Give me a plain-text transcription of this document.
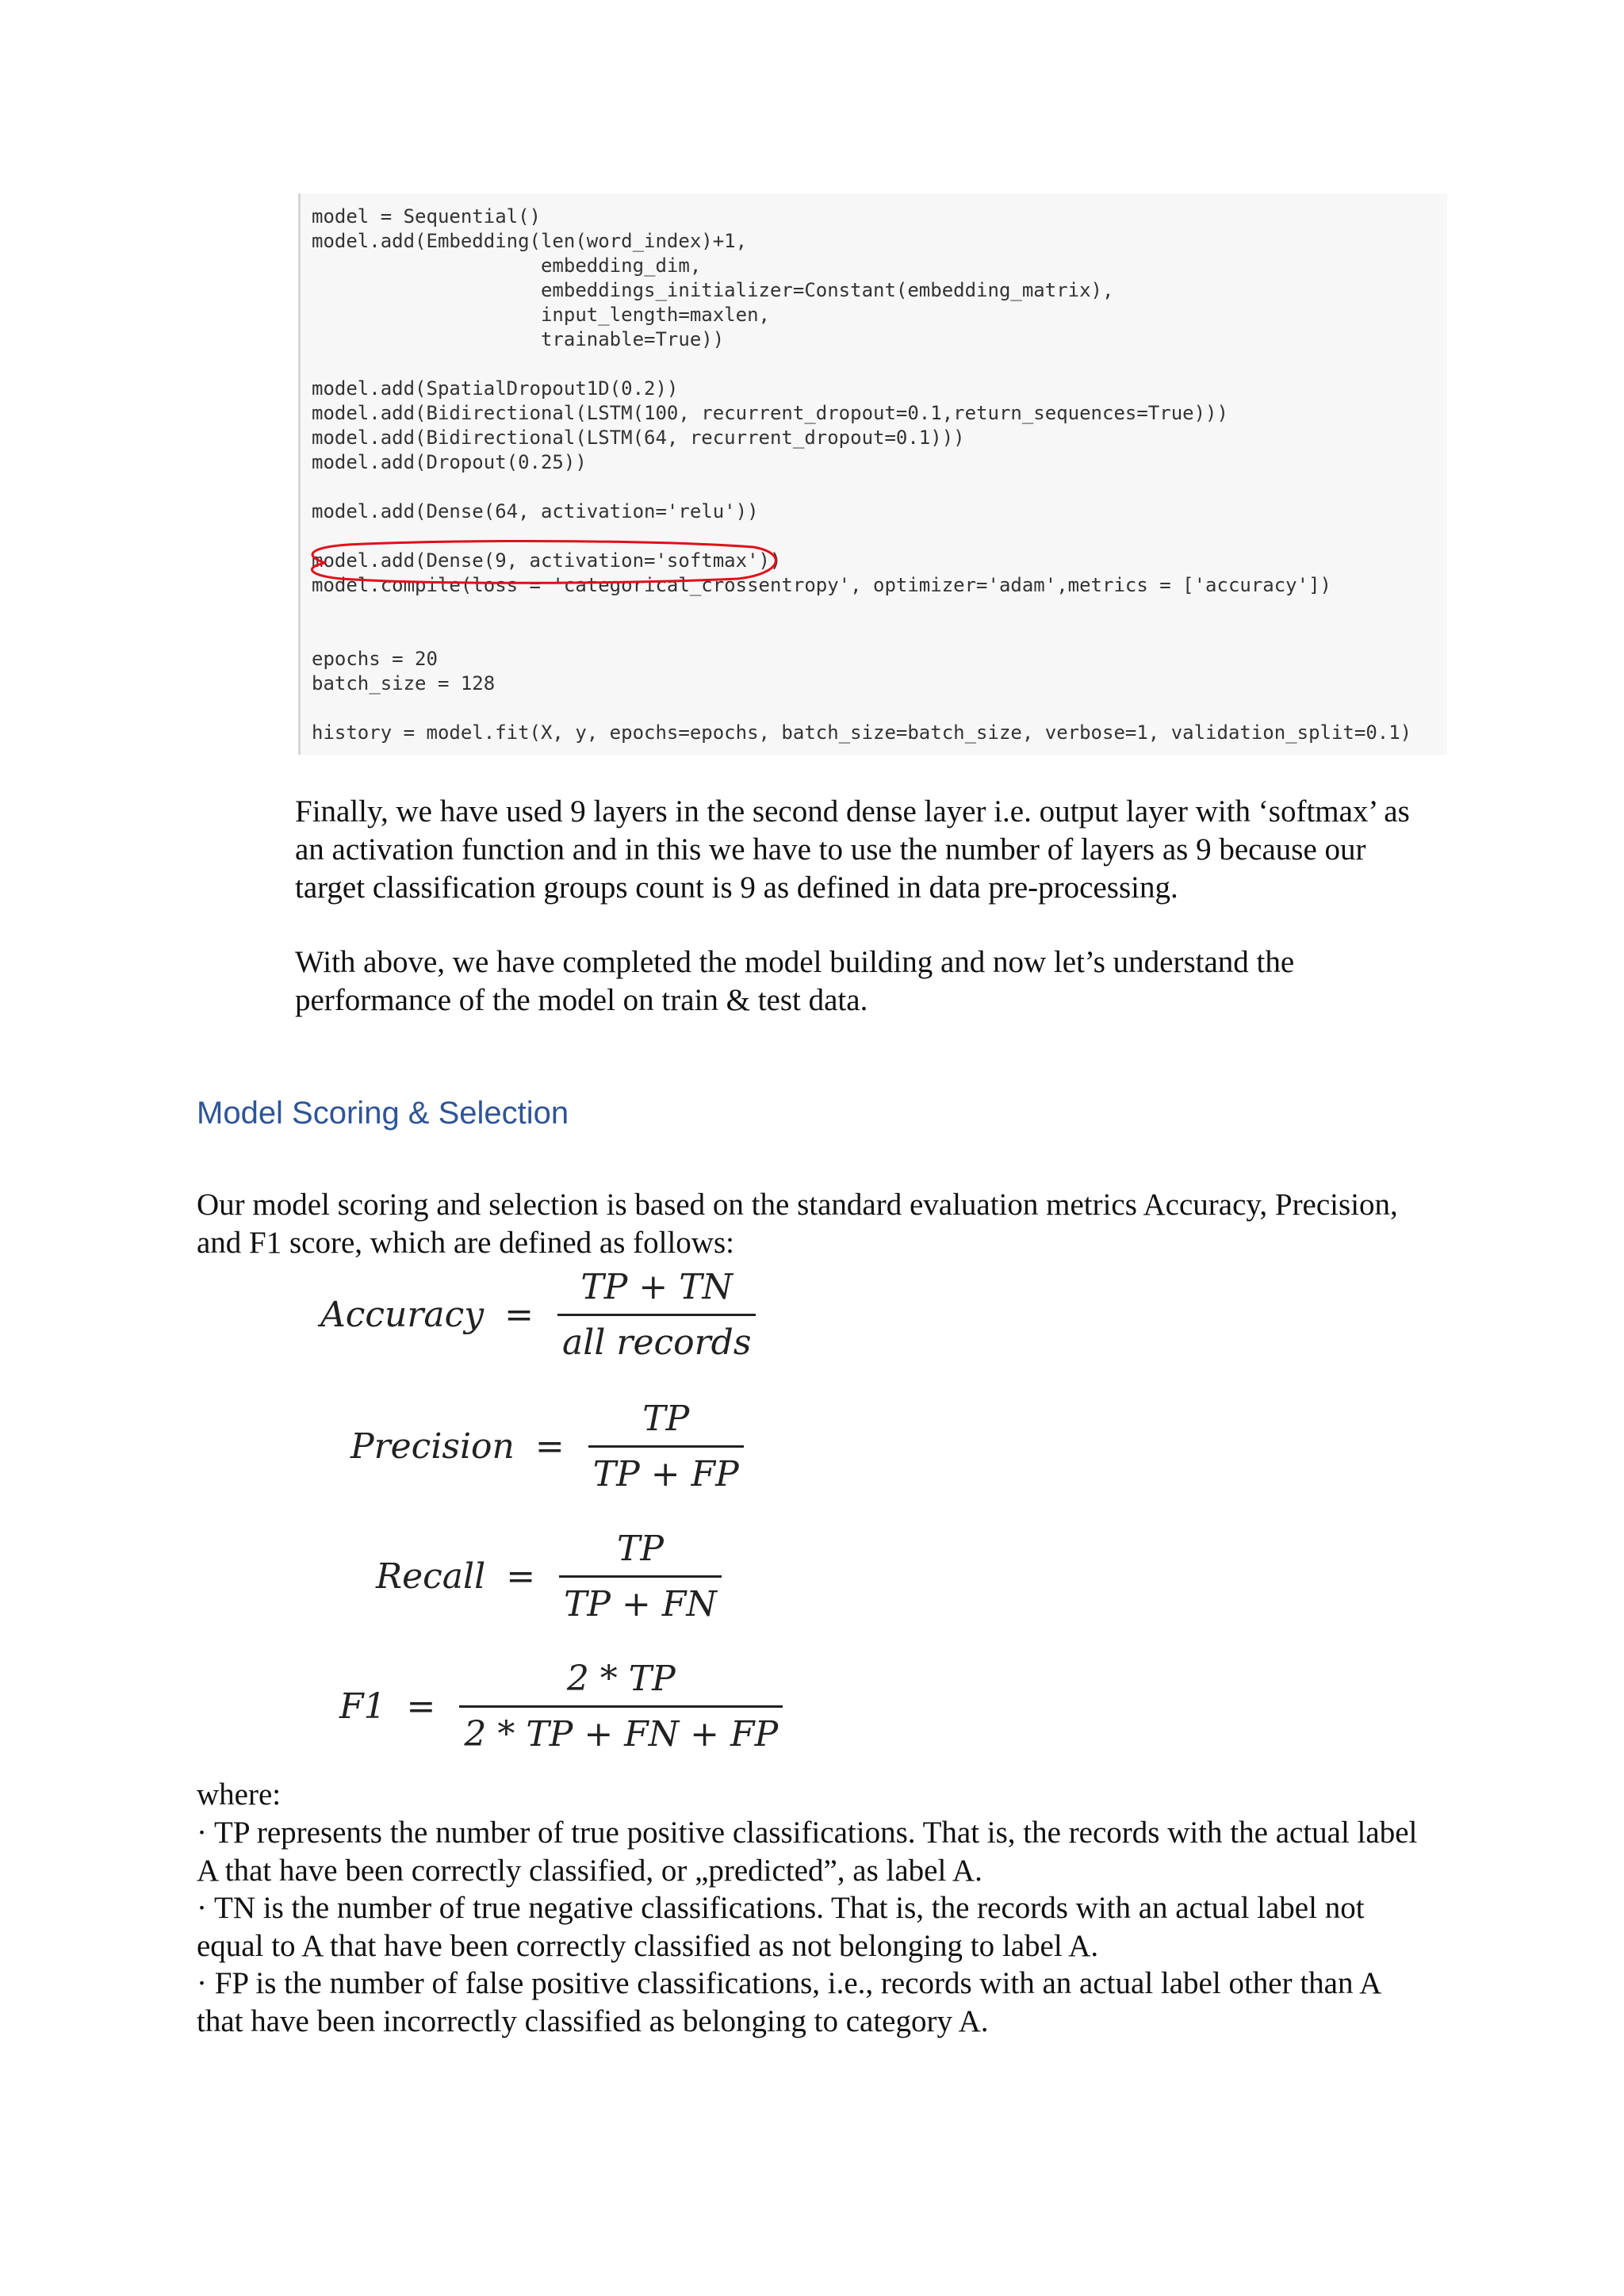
model = Sequential()
model.add(Embedding(len(word_index)+1,
embedding_dim,
embeddings_initializer=Constant(embedding_matrix),
input_length=maxlen,
trainable=True))
model.add(SpatialDropout1D(0.2))
model.add(Bidirectional(LSTM(100, recurrent_dropout=0.1,return_sequences=True)))
model.add(Bidirectional(LSTM(64, recurrent_dropout=0.1)))
model.add(Dropout(0.25))
model.add(Dense(64, activation='relu'))
model.add(Dense(9, activation='softmax'))
model.compile(loss = 'categorical_crossentropy', optimizer='adam',metrics = ['accuracy'])
epochs = 20
batch_size = 128
history = model.fit(X, y, epochs=epochs, batch_size=batch_size, verbose=1, validation_split=0.1)

Finally, we have used 9 layers in the second dense layer i.e. output layer with ‘softmax’ as an activation function and in this we have to use the number of layers as 9 because our target classification groups count is 9 as defined in data pre-processing.

With above, we have completed the model building and now let’s understand the performance of the model on train & test data.

Model Scoring & Selection

Our model scoring and selection is based on the standard evaluation metrics Accuracy, Precision, and F1 score, which are defined as follows:

Accuracy = $\frac{TP + TN}{\text{all records}}$
Precision = $\frac{TP}{TP + FP}$
Recall = $\frac{TP}{TP + FN}$
$F1 = \frac{2 * TP}{2 * TP + FN + FP}$

where:

· TP represents the number of true positive classifications. That is, the records with the actual label A that have been correctly classified, or „predicted”, as label A.

· TN is the number of true negative classifications. That is, the records with an actual label not equal to A that have been correctly classified as not belonging to label A.

· FP is the number of false positive classifications, i.e., records with an actual label other than A that have been incorrectly classified as belonging to category A.
